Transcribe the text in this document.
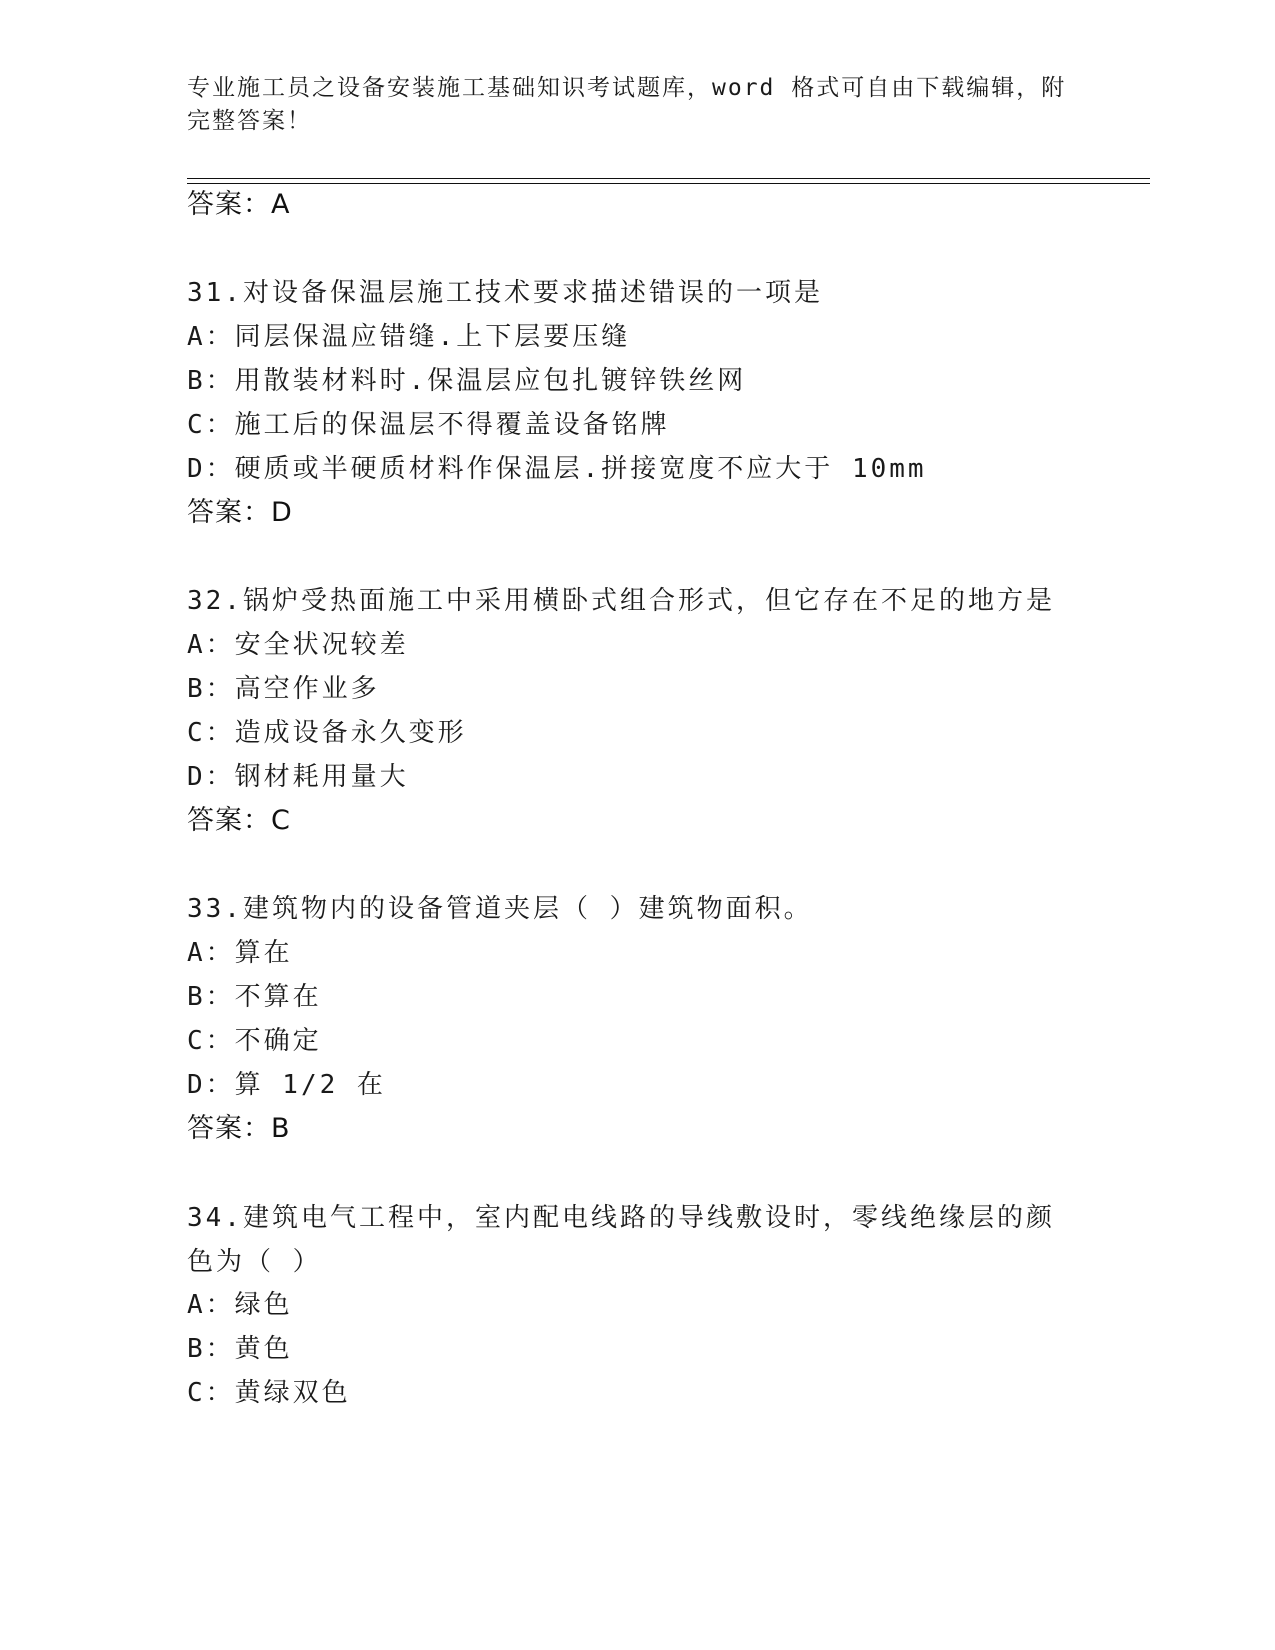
专业施工员之设备安装施工基础知识考试题库，word 格式可自由下载编辑，附完整答案！
答案：A
31.对设备保温层施工技术要求描述错误的一项是
A：同层保温应错缝.上下层要压缝
B：用散装材料时.保温层应包扎镀锌铁丝网
C：施工后的保温层不得覆盖设备铭牌
D：硬质或半硬质材料作保温层.拼接宽度不应大于 10mm
答案：D
32.锅炉受热面施工中采用横卧式组合形式，但它存在不足的地方是
A：安全状况较差
B：高空作业多
C：造成设备永久变形
D：钢材耗用量大
答案：C
33.建筑物内的设备管道夹层（ ）建筑物面积。
A：算在
B：不算在
C：不确定
D：算 1/2 在
答案：B
34.建筑电气工程中，室内配电线路的导线敷设时，零线绝缘层的颜色为（ ）
A：绿色
B：黄色
C：黄绿双色
